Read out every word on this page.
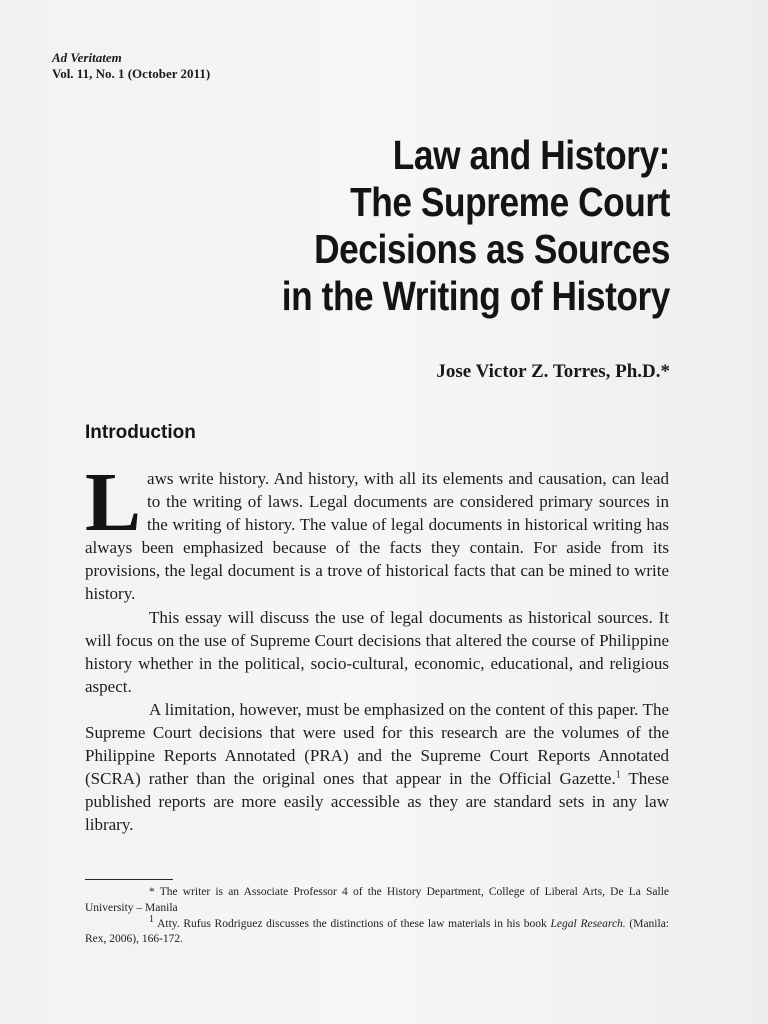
Ad Veritatem
Vol. 11, No. 1 (October 2011)
Law and History:
The Supreme Court
Decisions as Sources
in the Writing of History
Jose Victor Z. Torres, Ph.D.*
Introduction

Laws write history. And history, with all its elements and causation, can lead to the writing of laws. Legal documents are considered primary sources in the writing of history. The value of legal documents in historical writing has always been emphasized because of the facts they contain. For aside from its provisions, the legal document is a trove of historical facts that can be mined to write history.

This essay will discuss the use of legal documents as historical sources. It will focus on the use of Supreme Court decisions that altered the course of Philippine history whether in the political, socio-cultural, economic, educational, and religious aspect.

A limitation, however, must be emphasized on the content of this paper. The Supreme Court decisions that were used for this research are the volumes of the Philippine Reports Annotated (PRA) and the Supreme Court Reports Annotated (SCRA) rather than the original ones that appear in the Official Gazette.$^1$ These published reports are more easily accessible as they are standard sets in any law library.

* The writer is an Associate Professor 4 of the History Department, College of Liberal Arts, De La Salle University – Manila

$^1$ Atty. Rufus Rodriguez discusses the distinctions of these law materials in his book Legal Research. (Manila: Rex, 2006), 166-172.
